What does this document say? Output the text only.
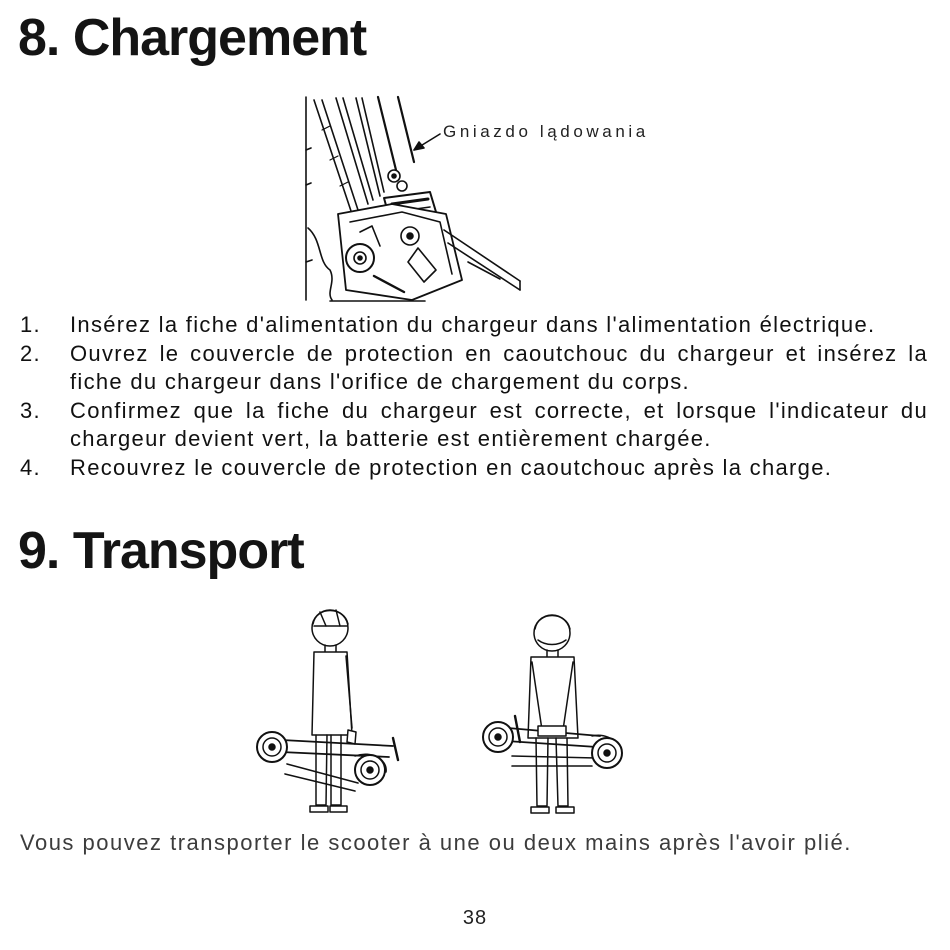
8. Chargement
Gniazdo lądowania
1. Insérez la fiche d'alimentation du chargeur dans l'alimentation électrique.
2. Ouvrez le couvercle de protection en caoutchouc du chargeur et insérez la
fiche du chargeur dans l'orifice de chargement du corps.
3. Confirmez que la fiche du chargeur est correcte, et lorsque l'indicateur du
chargeur devient vert, la batterie est entièrement chargée.
4. Recouvrez le couvercle de protection en caoutchouc après la charge.
9. Transport
Vous pouvez transporter le scooter à une ou deux mains après l'avoir plié.
38
